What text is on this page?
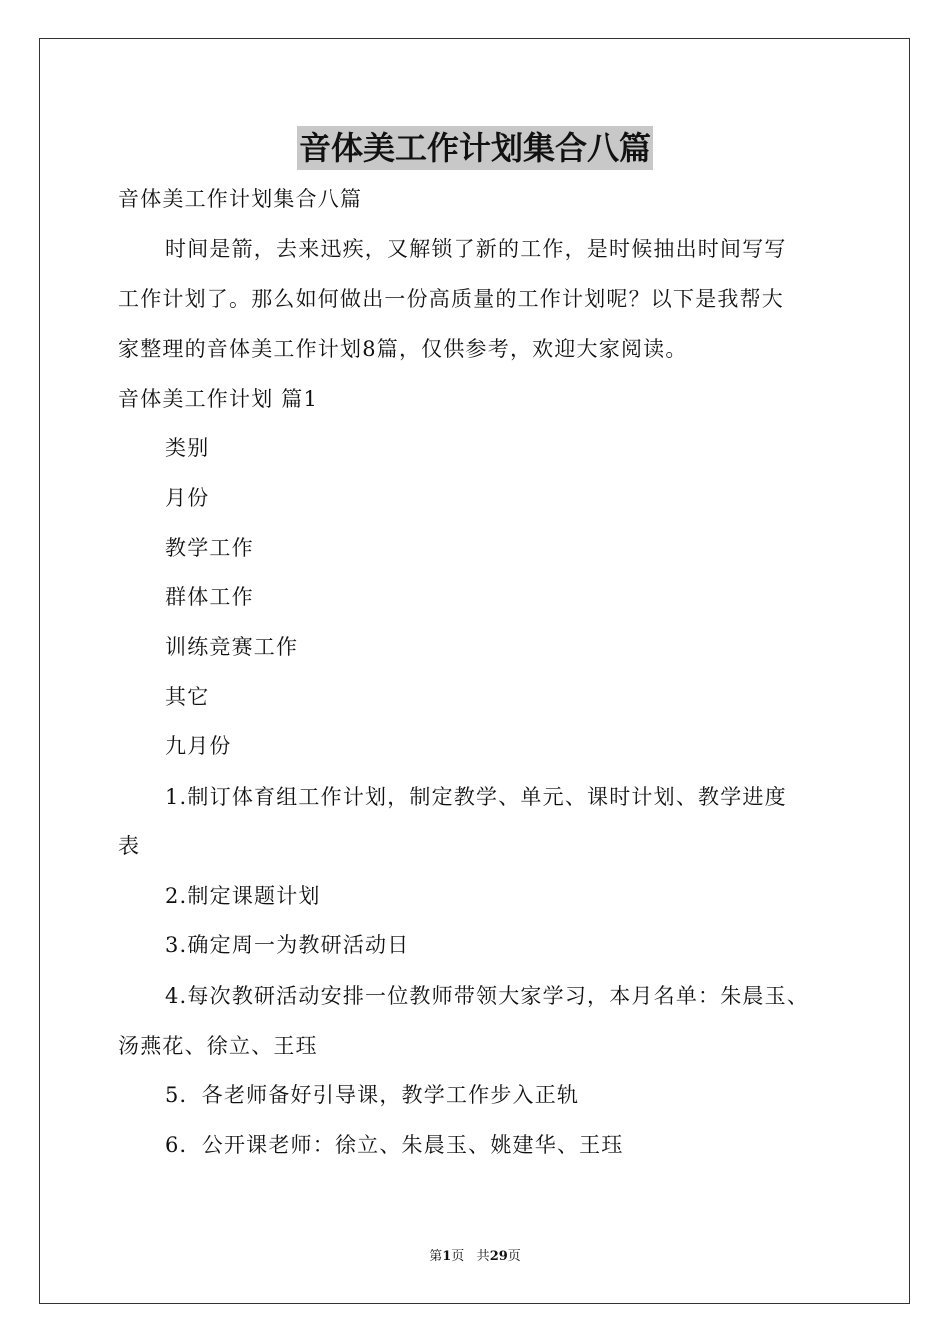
音体美工作计划集合八篇
音体美工作计划集合八篇
时间是箭，去来迅疾，又解锁了新的工作，是时候抽出时间写写
工作计划了。那么如何做出一份高质量的工作计划呢？以下是我帮大
家整理的音体美工作计划8篇，仅供参考，欢迎大家阅读。
音体美工作计划 篇1
类别
月份
教学工作
群体工作
训练竞赛工作
其它
九月份
1.制订体育组工作计划，制定教学、单元、课时计划、教学进度
表
2.制定课题计划
3.确定周一为教研活动日
4.每次教研活动安排一位教师带领大家学习，本月名单：朱晨玉、
汤燕花、徐立、王珏
5．各老师备好引导课，教学工作步入正轨
6．公开课老师：徐立、朱晨玉、姚建华、王珏
第1页 共29页
